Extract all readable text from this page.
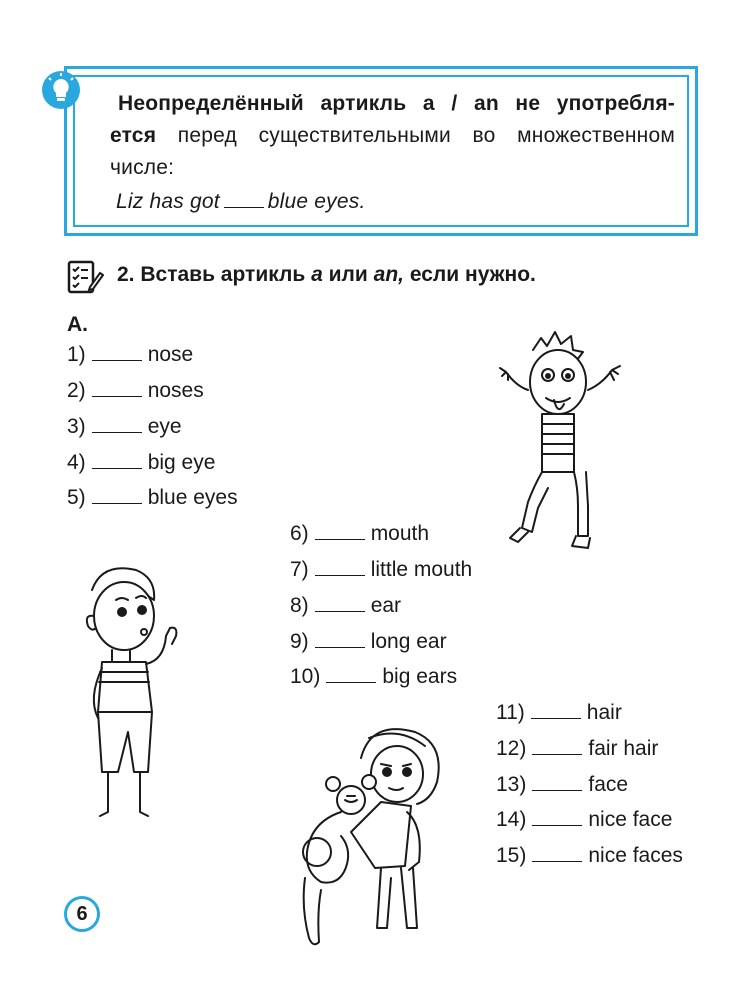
Неопределённый артикль a / an не употребля-
ется перед существительными во множественном
числе:
Liz has got blue eyes.
2. Вставь артикль a или an, если нужно.
А.
1)	nose
2)	noses
3)	eye
4)	big eye
5)	blue eyes
6)	mouth
7)	little mouth
8)	ear
9)	long ear
10)	big ears
11)	hair
12)	fair hair
13)	face
14)	nice face
15)	nice faces
6
